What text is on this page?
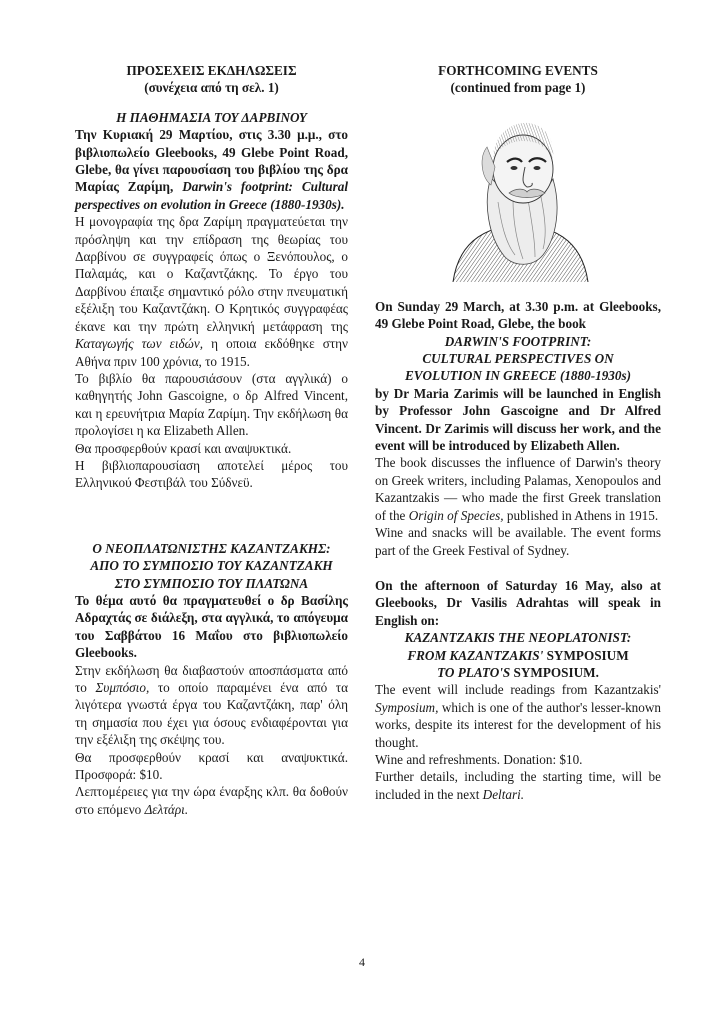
ΠΡΟΣΕΧΕΙΣ ΕΚΔΗΛΩΣΕΙΣ
(συνέχεια από τη σελ. 1)
Η ΠΑΘΗΜΑΣΙΑ ΤΟΥ ΔΑΡΒΙΝΟΥ
Την Κυριακή 29 Μαρτίου, στις 3.30 μ.μ., στο βιβλιοπωλείο Gleebooks, 49 Glebe Point Road, Glebe, θα γίνει παρουσίαση του βιβλίου της δρα Μαρίας Ζαρίμη, Darwin's footprint: Cultural perspectives on evolution in Greece (1880-1930s).
Η μονογραφία της δρα Ζαρίμη πραγματεύεται την πρόσληψη και την επίδραση της θεωρίας του Δαρβίνου σε συγγραφείς όπως ο Ξενόπουλος, ο Παλαμάς, και ο Καζαντζάκης. Το έργο του Δαρβίνου έπαιξε σημαντικό ρόλο στην πνευματική εξέλιξη του Καζαντζάκη. Ο Κρητικός συγγραφέας έκανε και την πρώτη ελληνική μετάφραση της Καταγωγής των ειδών, η οποια εκδόθηκε στην Αθήνα πριν 100 χρόνια, το 1915.
Το βιβλίο θα παρουσιάσουν (στα αγγλικά) ο καθηγητής John Gascoigne, ο δρ Alfred Vincent, και η ερευνήτρια Μαρία Ζαρίμη. Την εκδήλωση θα προλογίσει η κα Elizabeth Allen.
Θα προσφερθούν κρασί και αναψυκτικά.
Η βιβλιοπαρουσίαση αποτελεί μέρος του Ελληνικού Φεστιβάλ του Σύδνεϋ.
Ο ΝΕΟΠΛΑΤΩΝΙΣΤΗΣ ΚΑΖΑΝΤΖΑΚΗΣ:
ΑΠΟ ΤΟ ΣΥΜΠΟΣΙΟ ΤΟΥ ΚΑΖΑΝΤΖΑΚΗ
ΣΤΟ ΣΥΜΠΟΣΙΟ ΤΟΥ ΠΛΑΤΩΝΑ
Το θέμα αυτό θα πραγματευθεί ο δρ Βασίλης Αδραχτάς σε διάλεξη, στα αγγλικά, το απόγευμα του Σαββάτου 16 Μαΐου στο βιβλιοπωλείο Gleebooks.
Στην εκδήλωση θα διαβαστούν αποσπάσματα από το Συμπόσιο, το οποίο παραμένει ένα από τα λιγότερα γνωστά έργα του Καζαντζάκη, παρ' όλη τη σημασία που έχει για όσους ενδιαφέρονται για την εξέλιξη της σκέψης του.
Θα προσφερθούν κρασί και αναψυκτικά. Προσφορά: $10.
Λεπτομέρειες για την ώρα έναρξης κλπ. θα δοθούν στο επόμενο Δελτάρι.
FORTHCOMING EVENTS
(continued from page 1)
On Sunday 29 March, at 3.30 p.m. at Gleebooks, 49 Glebe Point Road, Glebe, the book
DARWIN'S FOOTPRINT:
CULTURAL PERSPECTIVES ON
EVOLUTION IN GREECE (1880-1930s)
by Dr Maria Zarimis will be launched in English by Professor John Gascoigne and Dr Alfred Vincent. Dr Zarimis will discuss her work, and the event will be introduced by Elizabeth Allen.
The book discusses the influence of Darwin's theory on Greek writers, including Palamas, Xenopoulos and Kazantzakis — who made the first Greek translation of the Origin of Species, published in Athens in 1915.
Wine and snacks will be available. The event forms part of the Greek Festival of Sydney.
On the afternoon of Saturday 16 May, also at Gleebooks, Dr Vasilis Adrahtas will speak in English on:
KAZANTZAKIS THE NEOPLATONIST:
FROM KAZANTZAKIS' SYMPOSIUM
TO PLATO'S SYMPOSIUM.
The event will include readings from Kazantzakis' Symposium, which is one of the author's lesser-known works, despite its interest for the development of his thought.
Wine and refreshments. Donation: $10.
Further details, including the starting time, will be included in the next Deltari.
4
